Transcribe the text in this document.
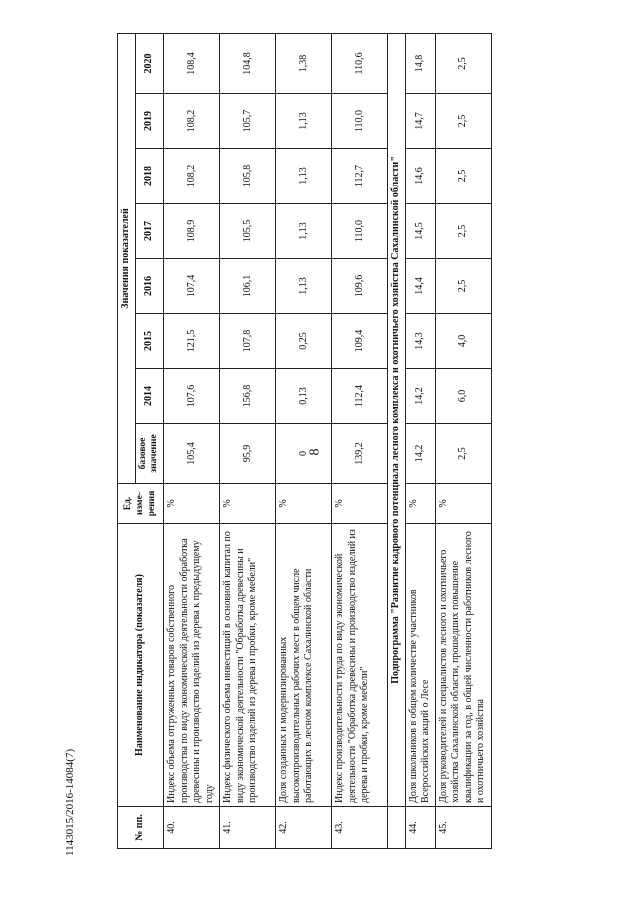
8
1143015/2016-14084(7)	№ пп.	Наименование индикатора (показателя)	Ед. изме-рения	Значения показателей							
			базовое значение	2014	2015	2016	2017	2018	2019	2020
40.	Индекс объема отгруженных товаров собственного производства по виду экономической деятельности обработка древесины и производство изделий из дерева к предыдущему году	%	105,4	107,6	121,5	107,4	108,9	108,2	108,2	108,4
41.	Индекс физического объема инвестиций в основной капитал по виду экономической деятельности "Обработка древесины и производство изделий из дерева и пробки, кроме мебели"	%	95,9	156,8	107,8	106,1	105,5	105,8	105,7	104,8
42.	Доля созданных и модернизированных высокопроизводительных рабочих мест в общем числе работающих в лесном комплексе Сахалинской области	%	0	0,13	0,25	1,13	1,13	1,13	1,13	1,38
43.	Индекс производительности труда по виду экономической деятельности "Обработка древесины и производство изделий из дерева и пробки, кроме мебели"	%	139,2	112,4	109,4	109,6	110,0	112,7	110,0	110,6
	Подпрограмма "Развитие кадрового потенциала лесного комплекса и охотничьего хозяйства Сахалинской области"									
44.	Доля школьников в общем количестве участников Всероссийских акций о Лесе	%	14,2	14,2	14,3	14,4	14,5	14,6	14,7	14,8
45.	Доля руководителей и специалистов лесного и охотничьего хозяйства Сахалинской области, прошедших повышение квалификации за год, в общей численности работников лесного и охотничьего хозяйства	%	2,5	6,0	4,0	2,5	2,5	2,5	2,5	2,5
